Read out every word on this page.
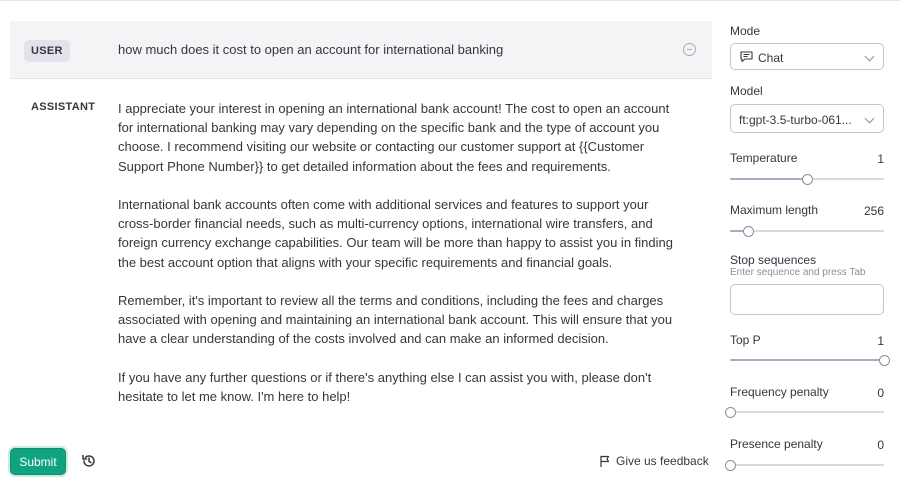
USER	how much does it cost to open an account for international banking
ASSISTANT I appreciate your interest in opening an international bank account! The cost to open an account for international banking may vary depending on the specific bank and the type of account you choose. I recommend visiting our website or contacting our customer support at {{Customer Support Phone Number}} to get detailed information about the fees and requirements.

International bank accounts often come with additional services and features to support your cross-border financial needs, such as multi-currency options, international wire transfers, and foreign currency exchange capabilities. Our team will be more than happy to assist you in finding the best account option that aligns with your specific requirements and financial goals.

Remember, it's important to review all the terms and conditions, including the fees and charges associated with opening and maintaining an international bank account. This will ensure that you have a clear understanding of the costs involved and can make an informed decision.

If you have any further questions or if there's anything else I can assist you with, please don't hesitate to let me know. I'm here to help!

Submit	Give us feedback
Mode
Chat
Model
ft:gpt-3.5-turbo-061...
Temperature	1
Maximum length	256
Stop sequences
Enter sequence and press Tab
Top P	1
Frequency penalty	0
Presence penalty	0
